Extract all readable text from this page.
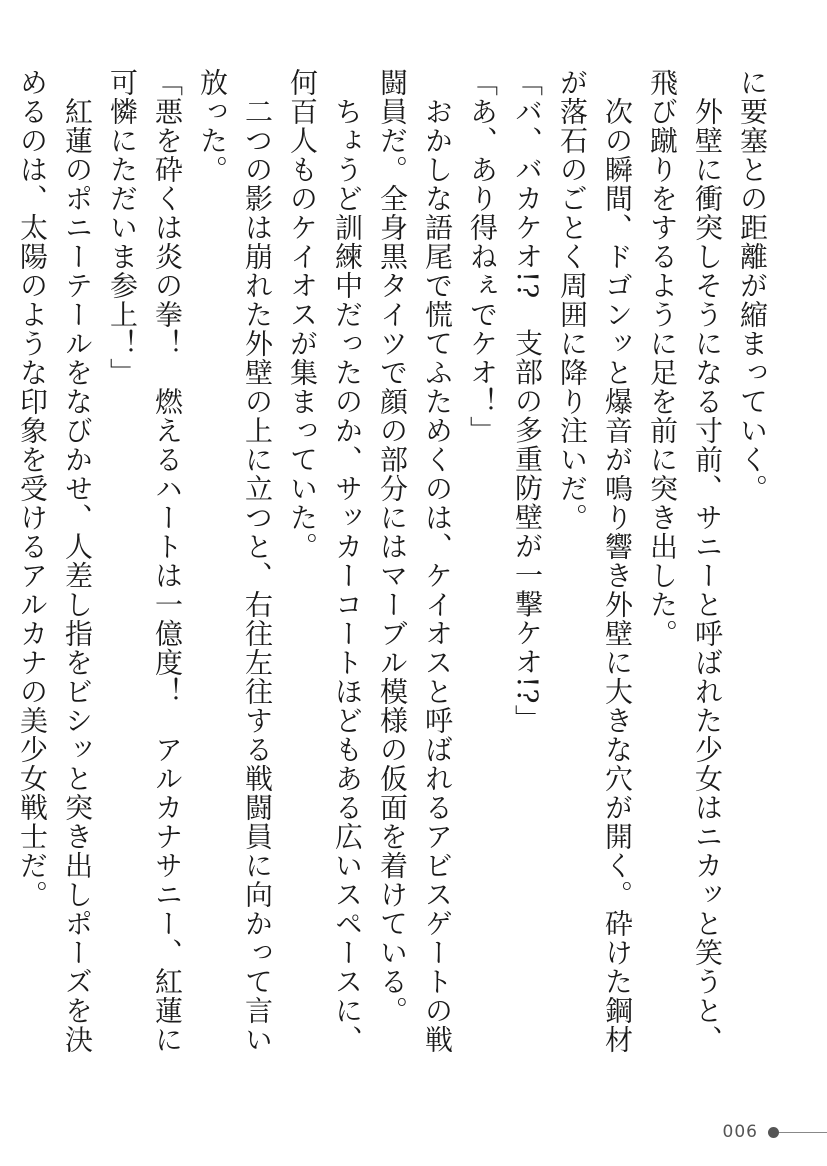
に要塞との距離が縮まっていく。

　外壁に衝突しそうになる寸前、サニーと呼ばれた少女はニカッと笑うと、飛び蹴りをするように足を前に突き出した。

　次の瞬間、ドゴンッと爆音が鳴り響き外壁に大きな穴が開く。砕けた鋼材が落石のごとく周囲に降り注いだ。

「バ、バカケオ!?　支部の多重防壁が一撃ケオ!?」

「あ、あり得ねぇでケオ！」

　おかしな語尾で慌てふためくのは、ケイオスと呼ばれるアビスゲートの戦闘員だ。全身黒タイツで顔の部分にはマーブル模様の仮面を着けている。

　ちょうど訓練中だったのか、サッカーコートほどもある広いスペースに、何百人ものケイオスが集まっていた。

　二つの影は崩れた外壁の上に立つと、右往左往する戦闘員に向かって言い放った。

「悪を砕くは炎の拳！　燃えるハートは一億度！　アルカナサニー、紅蓮に可憐にただいま参上！」

　紅蓮のポニーテールをなびかせ、人差し指をビシッと突き出しポーズを決めるのは、太陽のような印象を受けるアルカナの美少女戦士だ。

006
